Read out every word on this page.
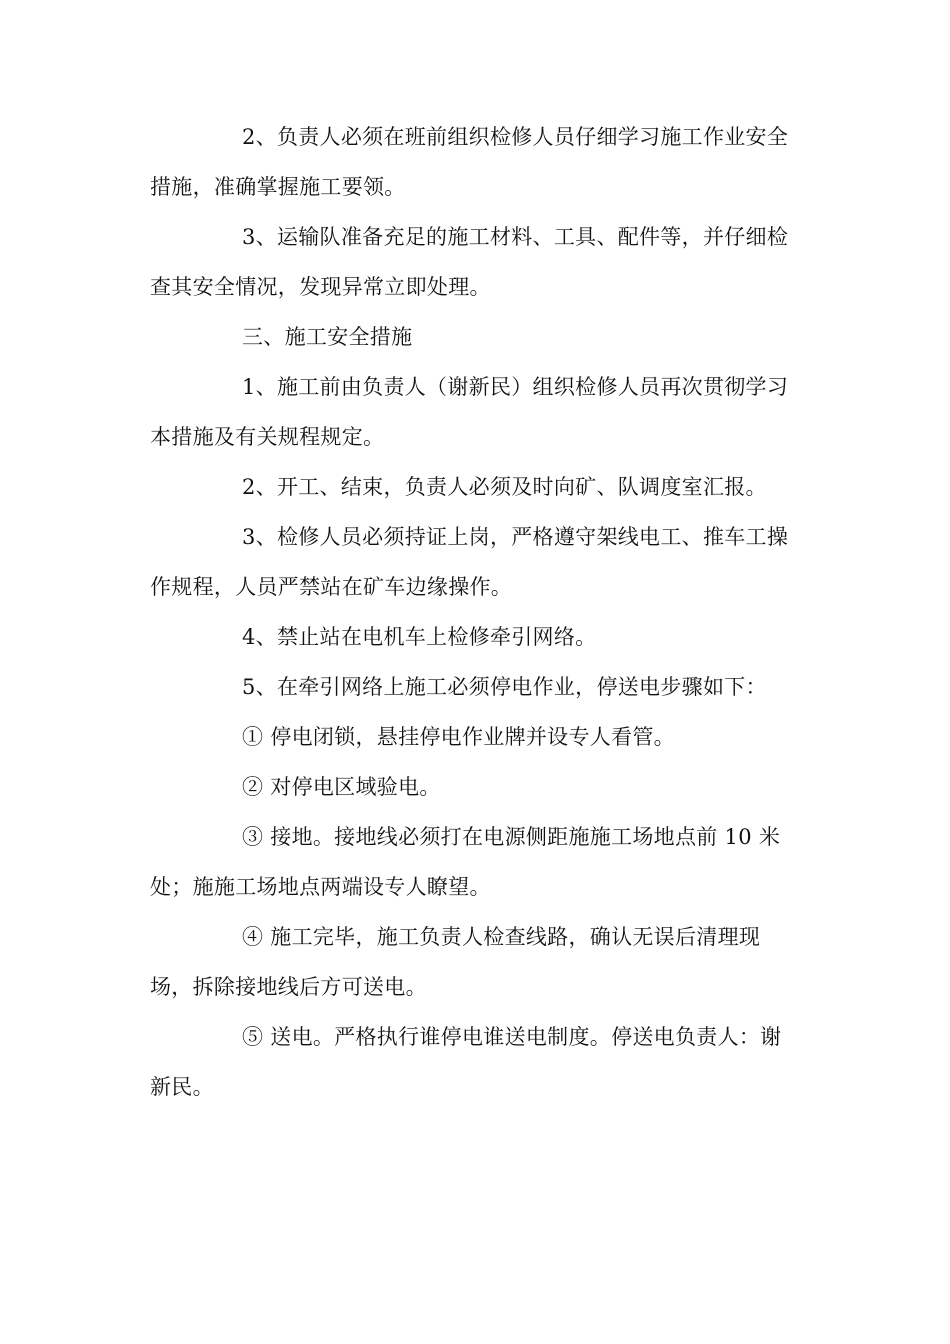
2、负责人必须在班前组织检修人员仔细学习施工作业安全措施，准确掌握施工要领。

3、运输队准备充足的施工材料、工具、配件等，并仔细检查其安全情况，发现异常立即处理。

三、施工安全措施

1、施工前由负责人（谢新民）组织检修人员再次贯彻学习本措施及有关规程规定。

2、开工、结束，负责人必须及时向矿、队调度室汇报。

3、检修人员必须持证上岗，严格遵守架线电工、推车工操作规程，人员严禁站在矿车边缘操作。

4、禁止站在电机车上检修牵引网络。

5、在牵引网络上施工必须停电作业，停送电步骤如下：

① 停电闭锁，悬挂停电作业牌并设专人看管。

② 对停电区域验电。

③ 接地。接地线必须打在电源侧距施施工场地点前 10 米处；施施工场地点两端设专人瞭望。

④ 施工完毕，施工负责人检查线路，确认无误后清理现场，拆除接地线后方可送电。

⑤ 送电。严格执行谁停电谁送电制度。停送电负责人：谢新民。
